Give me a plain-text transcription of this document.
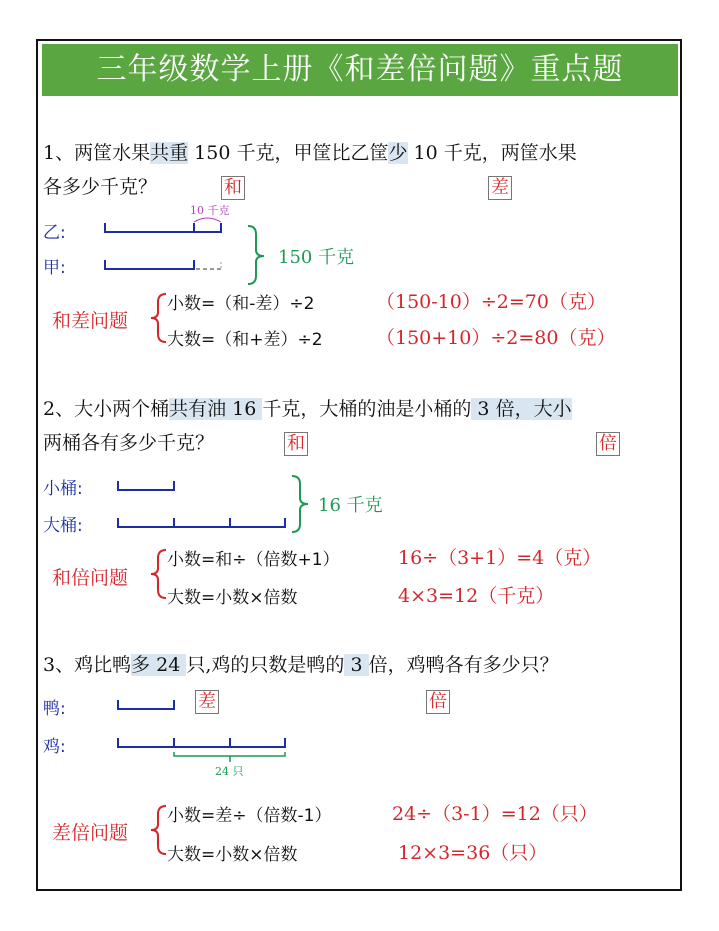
三年级数学上册《和差倍问题》重点题
1、两筐水果共重 150 千克，甲筐比乙筐少 10 千克，两筐水果
各多少千克？	和	差
10 千克
乙:
甲:	150 千克
和差问题
小数=（和-差）÷2
大数=（和+差）÷2
（150-10）÷2=70（克）
（150+10）÷2=80（克）
2、大小两个桶共有油 16 千克，大桶的油是小桶的 3 倍，大小
两桶各有多少千克？	和	倍
小桶:
大桶:
16 千克
和倍问题
小数=和÷（倍数+1）
大数=小数×倍数
16÷（3+1）=4（克）
4×3=12（千克）
3、鸡比鸭多 24 只,鸡的只数是鸭的 3 倍，鸡鸭各有多少只？
差	倍
鸭:
鸡:
24 只
差倍问题
小数=差÷（倍数-1）
大数=小数×倍数
24÷（3-1）=12（只）
12×3=36（只）
